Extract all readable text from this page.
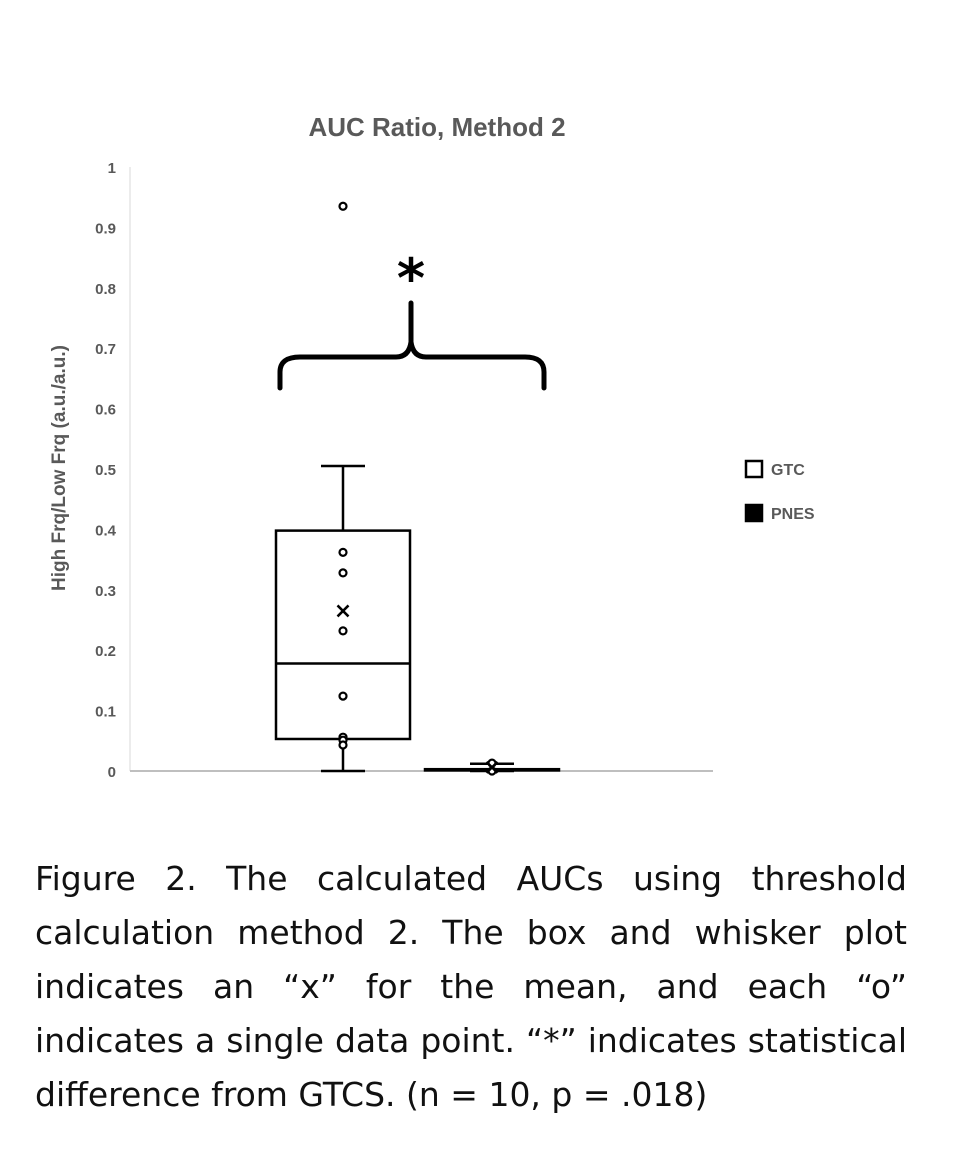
AUC Ratio, Method 2
High Frq/Low Frq (a.u./a.u.)
0
0.1
0.2
0.3
0.4
0.5
0.6
0.7
0.8
0.9
1
*
GTC
PNES
Figure 2. The calculated AUCs using threshold calculation method 2. The box and whisker plot indicates an “x” for the mean, and each “o” indicates a single data point. “*” indicates statistical difference from GTCS. (n = 10, p = .018)
